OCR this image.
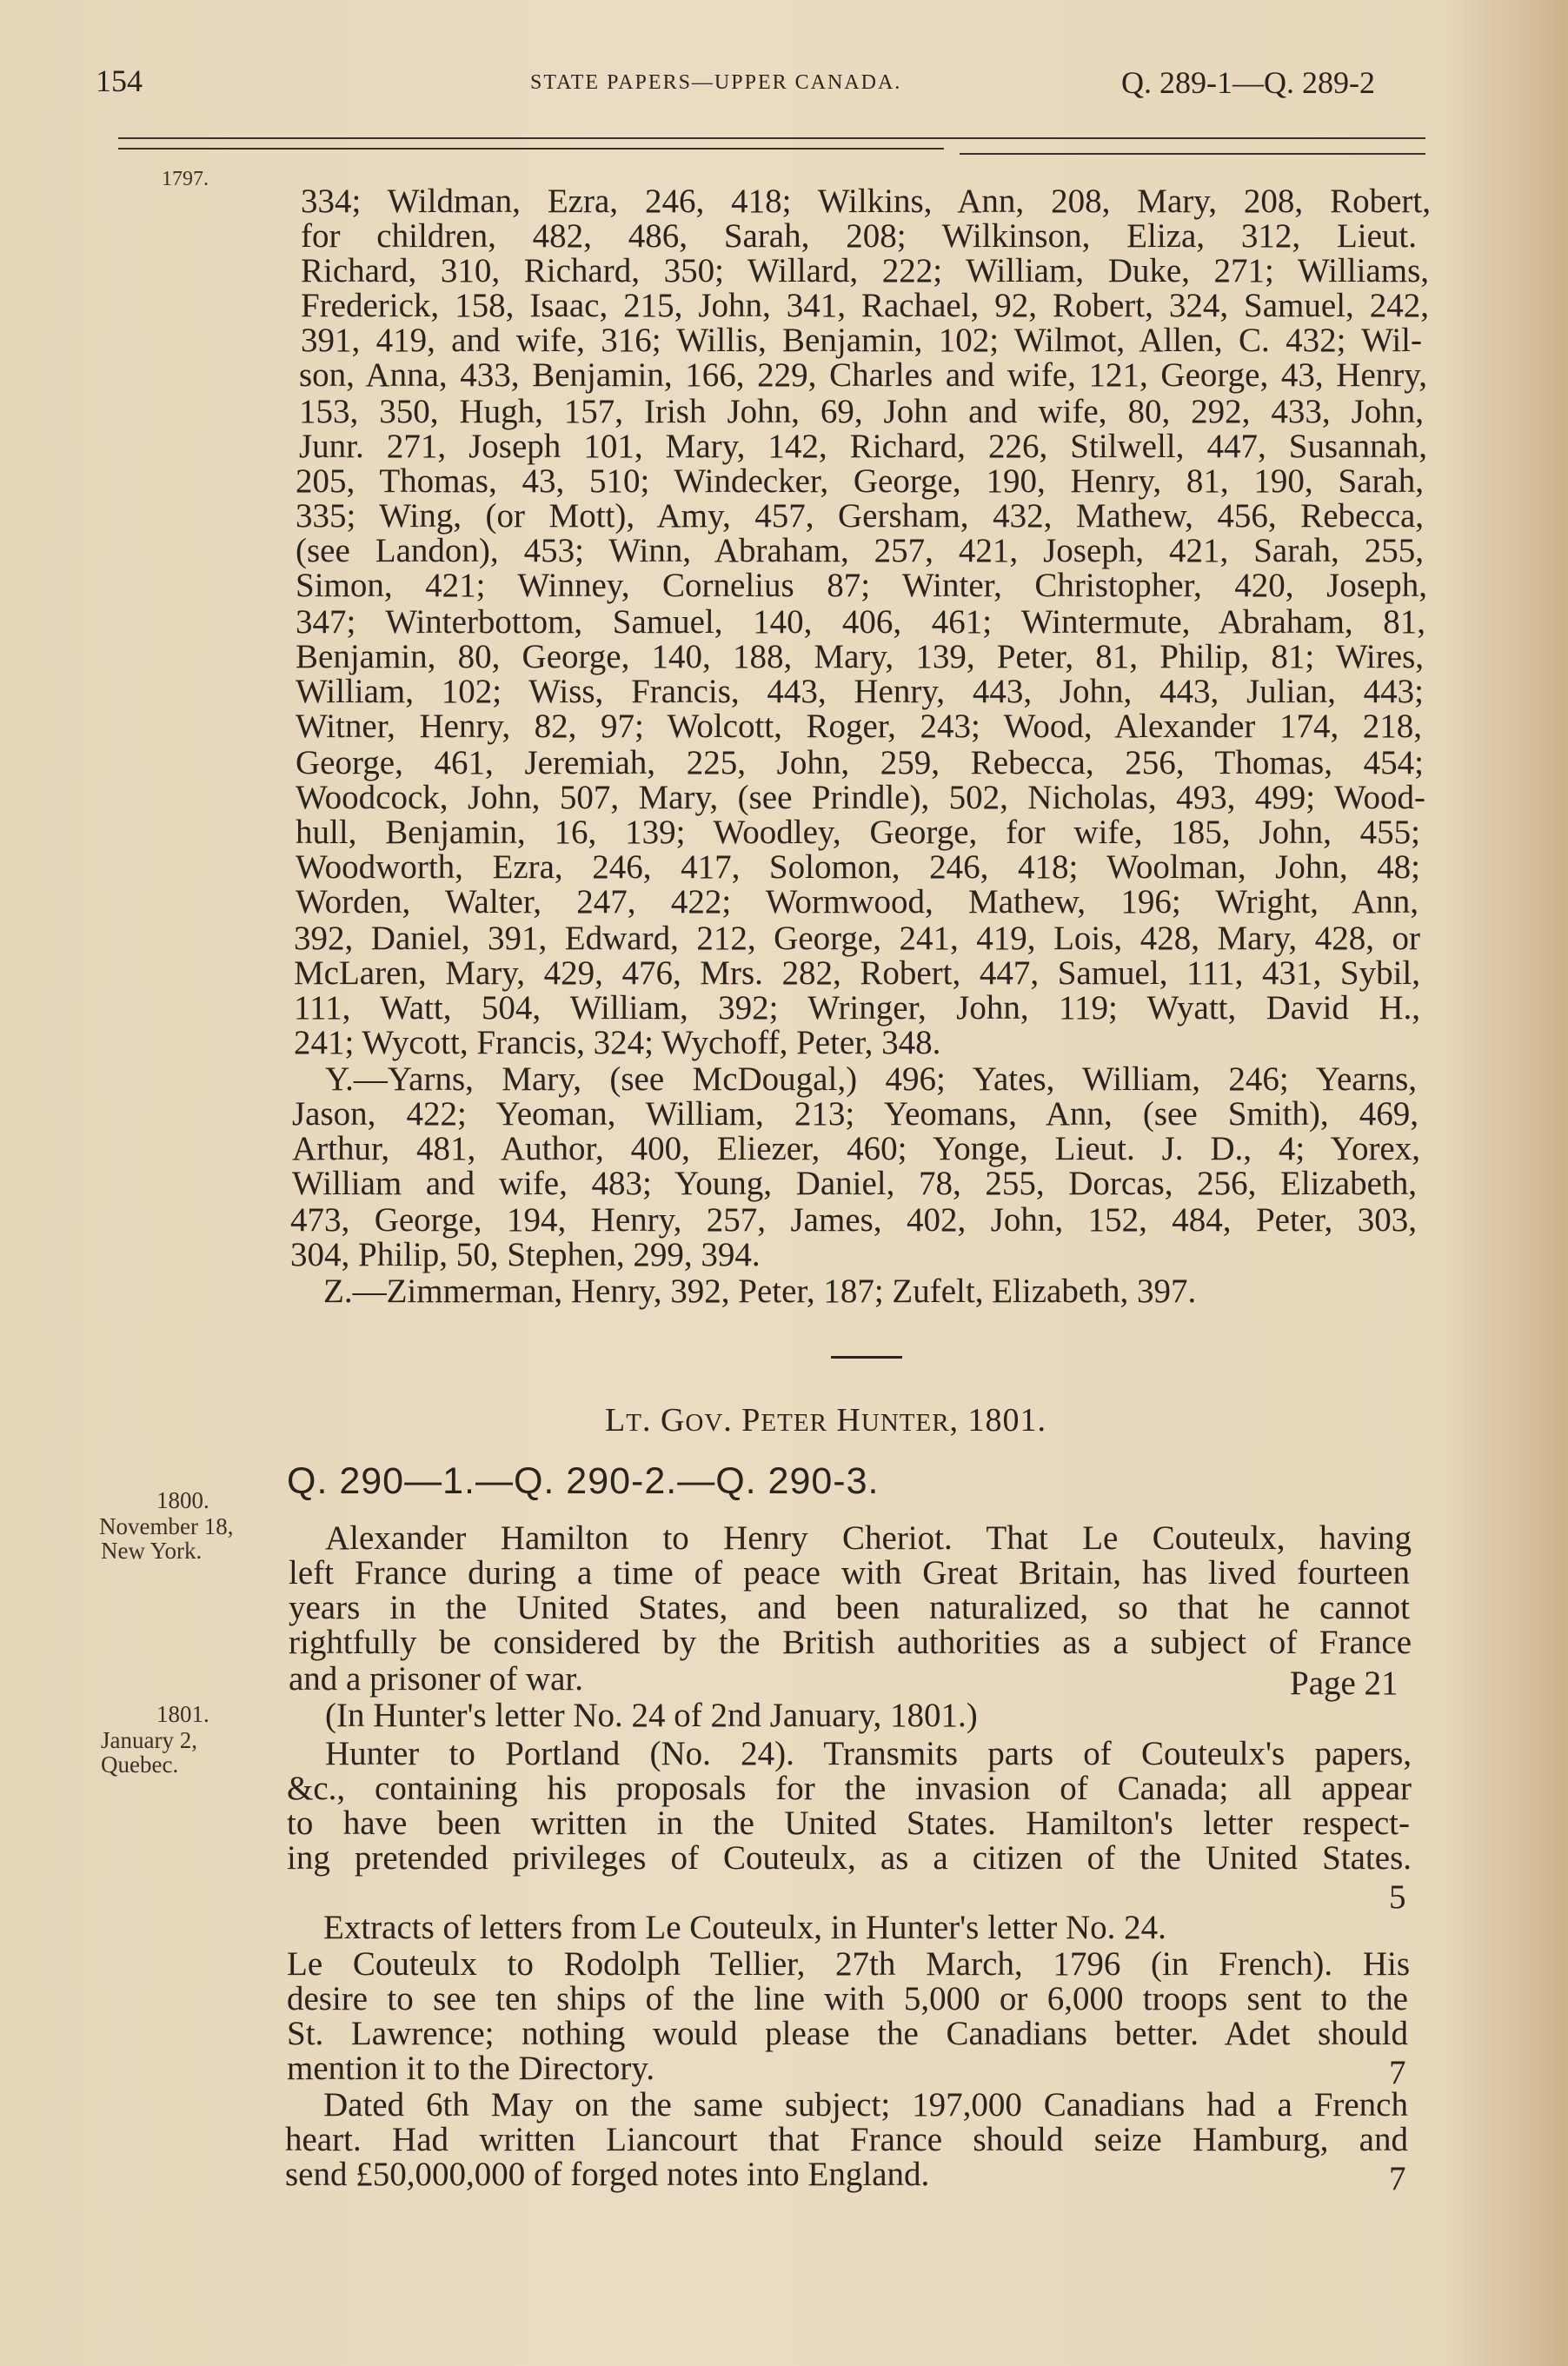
154	STATE PAPERS—UPPER CANADA.	Q. 289-1—Q. 289-2
1797.
334; Wildman, Ezra, 246, 418; Wilkins, Ann, 208, Mary, 208, Robert,
for children, 482, 486, Sarah, 208; Wilkinson, Eliza, 312, Lieut.
Richard, 310, Richard, 350; Willard, 222; William, Duke, 271; Williams,
Frederick, 158, Isaac, 215, John, 341, Rachael, 92, Robert, 324, Samuel, 242,
391, 419, and wife, 316; Willis, Benjamin, 102; Wilmot, Allen, C. 432; Wil-
son, Anna, 433, Benjamin, 166, 229, Charles and wife, 121, George, 43, Henry,
153, 350, Hugh, 157, Irish John, 69, John and wife, 80, 292, 433, John,
Junr. 271, Joseph 101, Mary, 142, Richard, 226, Stilwell, 447, Susannah,
205, Thomas, 43, 510; Windecker, George, 190, Henry, 81, 190, Sarah,
335; Wing, (or Mott), Amy, 457, Gersham, 432, Mathew, 456, Rebecca,
(see Landon), 453; Winn, Abraham, 257, 421, Joseph, 421, Sarah, 255,
Simon, 421; Winney, Cornelius 87; Winter, Christopher, 420, Joseph,
347; Winterbottom, Samuel, 140, 406, 461; Wintermute, Abraham, 81,
Benjamin, 80, George, 140, 188, Mary, 139, Peter, 81, Philip, 81; Wires,
William, 102; Wiss, Francis, 443, Henry, 443, John, 443, Julian, 443;
Witner, Henry, 82, 97; Wolcott, Roger, 243; Wood, Alexander 174, 218,
George, 461, Jeremiah, 225, John, 259, Rebecca, 256, Thomas, 454;
Woodcock, John, 507, Mary, (see Prindle), 502, Nicholas, 493, 499; Wood-
hull, Benjamin, 16, 139; Woodley, George, for wife, 185, John, 455;
Woodworth, Ezra, 246, 417, Solomon, 246, 418; Woolman, John, 48;
Worden, Walter, 247, 422; Wormwood, Mathew, 196; Wright, Ann,
392, Daniel, 391, Edward, 212, George, 241, 419, Lois, 428, Mary, 428, or
McLaren, Mary, 429, 476, Mrs. 282, Robert, 447, Samuel, 111, 431, Sybil,
111, Watt, 504, William, 392; Wringer, John, 119; Wyatt, David H.,
241; Wycott, Francis, 324; Wychoff, Peter, 348.
Y.—Yarns, Mary, (see McDougal,) 496; Yates, William, 246; Yearns,
Jason, 422; Yeoman, William, 213; Yeomans, Ann, (see Smith), 469,
Arthur, 481, Author, 400, Eliezer, 460; Yonge, Lieut. J. D., 4; Yorex,
William and wife, 483; Young, Daniel, 78, 255, Dorcas, 256, Elizabeth,
473, George, 194, Henry, 257, James, 402, John, 152, 484, Peter, 303,
304, Philip, 50, Stephen, 299, 394.
Z.—Zimmerman, Henry, 392, Peter, 187; Zufelt, Elizabeth, 397.
LT. GOV. PETER HUNTER, 1801.
Q. 290—1.—Q. 290-2.—Q. 290-3.
1800.
November 18,
New York.	Alexander Hamilton to Henry Cheriot. That Le Couteulx, having
left France during a time of peace with Great Britain, has lived fourteen
years in the United States, and been naturalized, so that he cannot
rightfully be considered by the British authorities as a subject of France
and a prisoner of war.	Page 21
1801.
January 2,
Quebec.
(In Hunter's letter No. 24 of 2nd January, 1801.)
Hunter to Portland (No. 24). Transmits parts of Couteulx's papers,
&c., containing his proposals for the invasion of Canada; all appear
to have been written in the United States. Hamilton's letter respect-
ing pretended privileges of Couteulx, as a citizen of the United States.
5
Extracts of letters from Le Couteulx, in Hunter's letter No. 24.
Le Couteulx to Rodolph Tellier, 27th March, 1796 (in French). His
desire to see ten ships of the line with 5,000 or 6,000 troops sent to the
St. Lawrence; nothing would please the Canadians better. Adet should
mention it to the Directory.	7
Dated 6th May on the same subject; 197,000 Canadians had a French
heart. Had written Liancourt that France should seize Hamburg, and
send £50,000,000 of forged notes into England.	7
